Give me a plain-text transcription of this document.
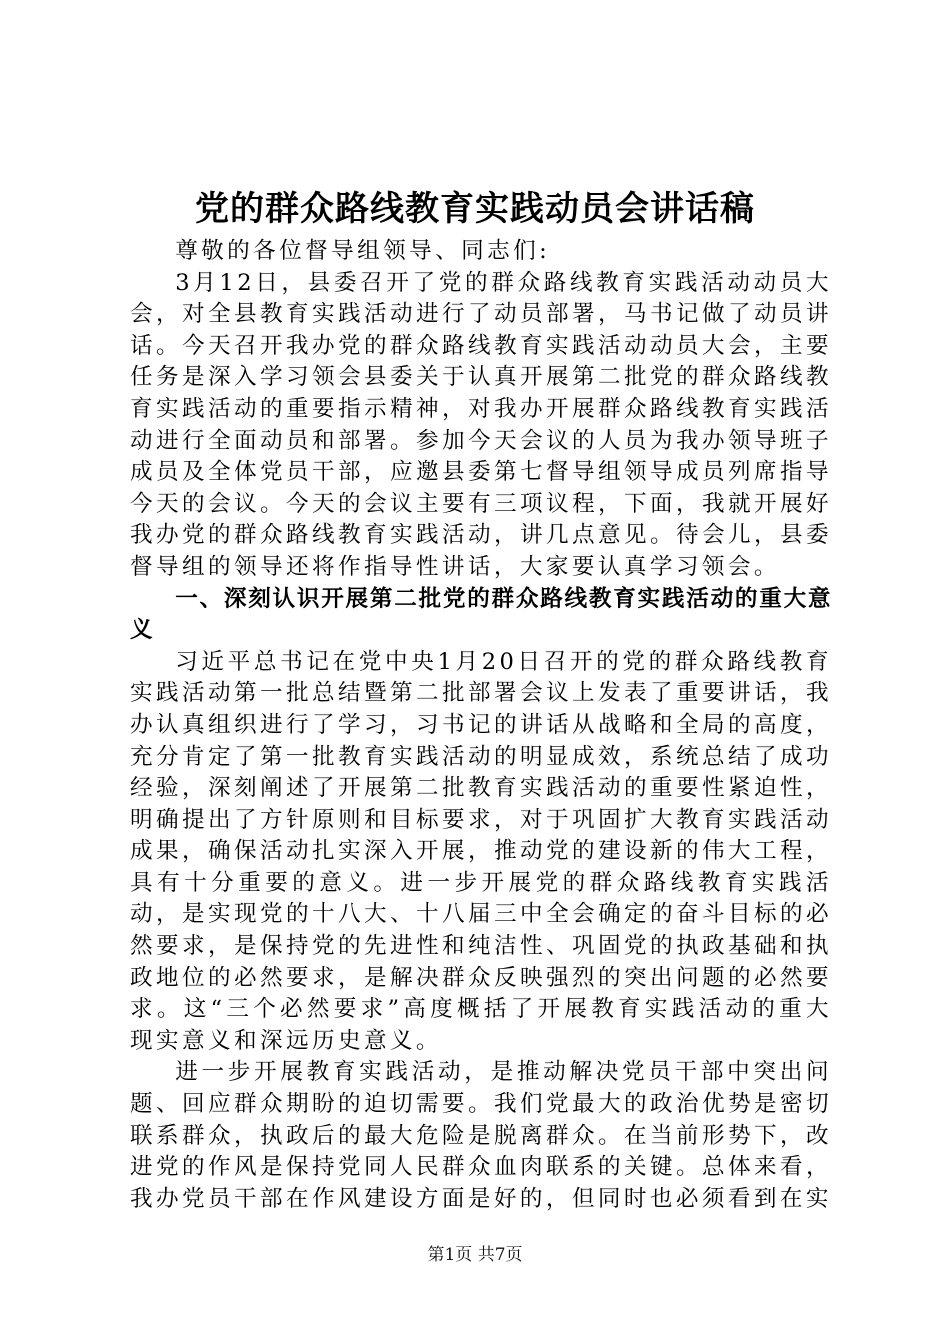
党的群众路线教育实践动员会讲话稿

尊敬的各位督导组领导、同志们:

3月12日，县委召开了党的群众路线教育实践活动动员大会，对全县教育实践活动进行了动员部署，马书记做了动员讲话。今天召开我办党的群众路线教育实践活动动员大会，主要任务是深入学习领会县委关于认真开展第二批党的群众路线教育实践活动的重要指示精神，对我办开展群众路线教育实践活动进行全面动员和部署。参加今天会议的人员为我办领导班子成员及全体党员干部，应邀县委第七督导组领导成员列席指导今天的会议。今天的会议主要有三项议程，下面，我就开展好我办党的群众路线教育实践活动，讲几点意见。待会儿，县委督导组的领导还将作指导性讲话，大家要认真学习领会。

一、深刻认识开展第二批党的群众路线教育实践活动的重大意义

习近平总书记在党中央1月20日召开的党的群众路线教育实践活动第一批总结暨第二批部署会议上发表了重要讲话，我办认真组织进行了学习，习书记的讲话从战略和全局的高度，充分肯定了第一批教育实践活动的明显成效，系统总结了成功经验，深刻阐述了开展第二批教育实践活动的重要性紧迫性，明确提出了方针原则和目标要求，对于巩固扩大教育实践活动成果，确保活动扎实深入开展，推动党的建设新的伟大工程，具有十分重要的意义。进一步开展党的群众路线教育实践活动，是实现党的十八大、十八届三中全会确定的奋斗目标的必然要求，是保持党的先进性和纯洁性、巩固党的执政基础和执政地位的必然要求，是解决群众反映强烈的突出问题的必然要求。这“三个必然要求”高度概括了开展教育实践活动的重大现实意义和深远历史意义。

进一步开展教育实践活动，是推动解决党员干部中突出问题、回应群众期盼的迫切需要。我们党最大的政治优势是密切联系群众，执政后的最大危险是脱离群众。在当前形势下，改进党的作风是保持党同人民群众血肉联系的关键。总体来看，我办党员干部在作风建设方面是好的，但同时也必须看到在实

第1页 共7页
